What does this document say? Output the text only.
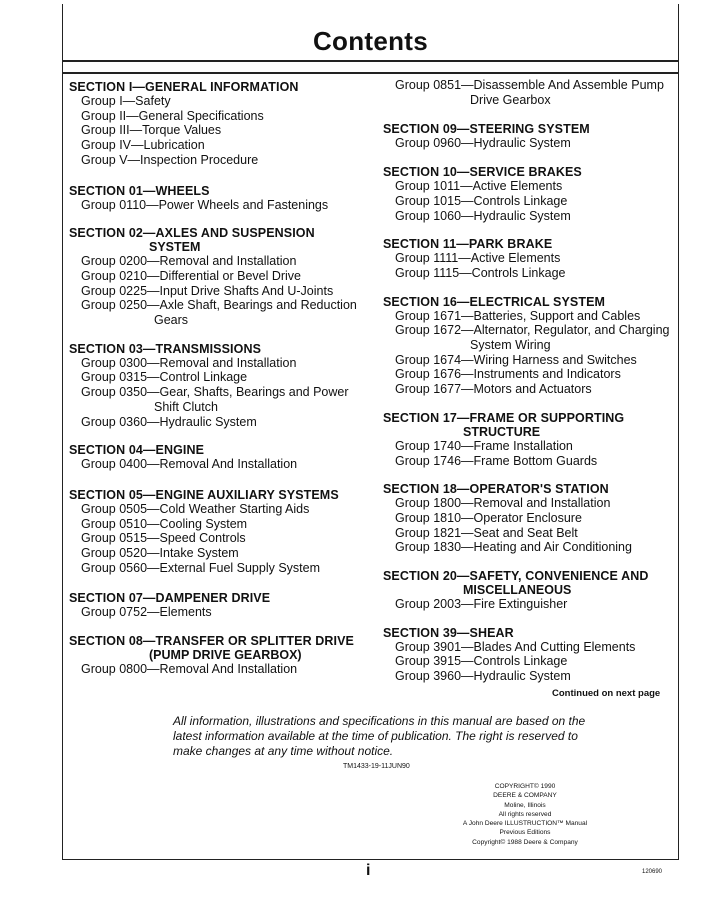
Contents
SECTION I—GENERAL INFORMATION
Group I—Safety
Group II—General Specifications
Group III—Torque Values
Group IV—Lubrication
Group V—Inspection Procedure
SECTION 01—WHEELS
Group 0110—Power Wheels and Fastenings
SECTION 02—AXLES AND SUSPENSION
SYSTEM
Group 0200—Removal and Installation
Group 0210—Differential or Bevel Drive
Group 0225—Input Drive Shafts And U-Joints
Group 0250—Axle Shaft, Bearings and Reduction
Gears
SECTION 03—TRANSMISSIONS
Group 0300—Removal and Installation
Group 0315—Control Linkage
Group 0350—Gear, Shafts, Bearings and Power
Shift Clutch
Group 0360—Hydraulic System
SECTION 04—ENGINE
Group 0400—Removal And Installation
SECTION 05—ENGINE AUXILIARY SYSTEMS
Group 0505—Cold Weather Starting Aids
Group 0510—Cooling System
Group 0515—Speed Controls
Group 0520—Intake System
Group 0560—External Fuel Supply System
SECTION 07—DAMPENER DRIVE
Group 0752—Elements
SECTION 08—TRANSFER OR SPLITTER DRIVE
(PUMP DRIVE GEARBOX)
Group 0800—Removal And Installation
Group 0851—Disassemble And Assemble Pump
Drive Gearbox
SECTION 09—STEERING SYSTEM
Group 0960—Hydraulic System
SECTION 10—SERVICE BRAKES
Group 1011—Active Elements
Group 1015—Controls Linkage
Group 1060—Hydraulic System
SECTION 11—PARK BRAKE
Group 1111—Active Elements
Group 1115—Controls Linkage
SECTION 16—ELECTRICAL SYSTEM
Group 1671—Batteries, Support and Cables
Group 1672—Alternator, Regulator, and Charging
System Wiring
Group 1674—Wiring Harness and Switches
Group 1676—Instruments and Indicators
Group 1677—Motors and Actuators
SECTION 17—FRAME OR SUPPORTING
STRUCTURE
Group 1740—Frame Installation
Group 1746—Frame Bottom Guards
SECTION 18—OPERATOR'S STATION
Group 1800—Removal and Installation
Group 1810—Operator Enclosure
Group 1821—Seat and Seat Belt
Group 1830—Heating and Air Conditioning
SECTION 20—SAFETY, CONVENIENCE AND
MISCELLANEOUS
Group 2003—Fire Extinguisher
SECTION 39—SHEAR
Group 3901—Blades And Cutting Elements
Group 3915—Controls Linkage
Group 3960—Hydraulic System
Continued on next page
All information, illustrations and specifications in this manual are based on the latest information available at the time of publication. The right is reserved to make changes at any time without notice.
TM1433-19-11JUN90
COPYRIGHT© 1990
DEERE & COMPANY
Moline, Illinois
All rights reserved
A John Deere ILLUSTRUCTION™ Manual
Previous Editions
Copyright© 1988 Deere & Company
i	120690
